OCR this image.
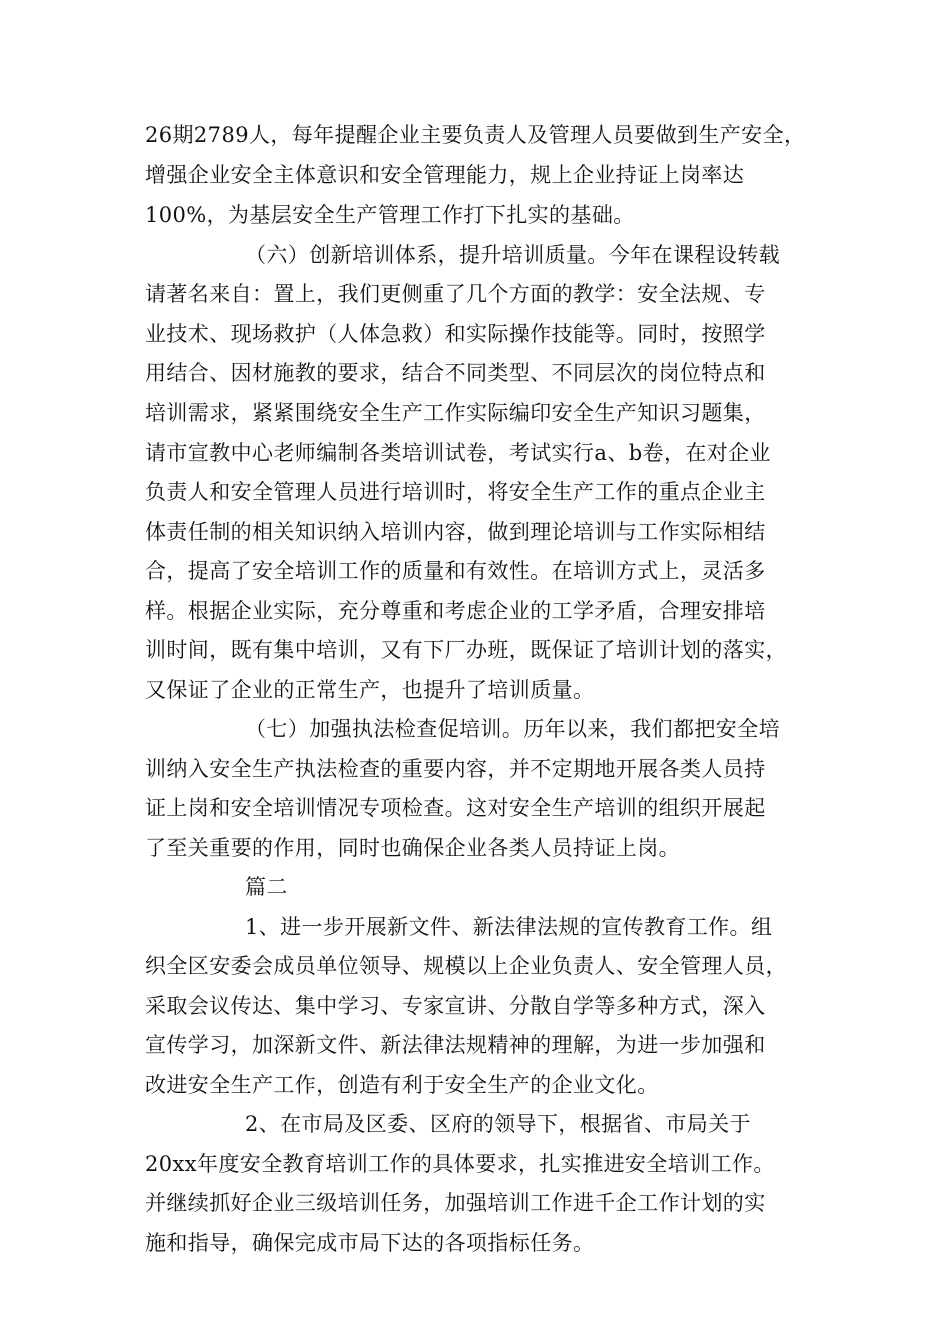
26期2789人，每年提醒企业主要负责人及管理人员要做到生产安全，
增强企业安全主体意识和安全管理能力，规上企业持证上岗率达
100%，为基层安全生产管理工作打下扎实的基础。
（六）创新培训体系，提升培训质量。今年在课程设转载
请著名来自：置上，我们更侧重了几个方面的教学：安全法规、专
业技术、现场救护（人体急救）和实际操作技能等。同时，按照学
用结合、因材施教的要求，结合不同类型、不同层次的岗位特点和
培训需求，紧紧围绕安全生产工作实际编印安全生产知识习题集，
请市宣教中心老师编制各类培训试卷，考试实行a、b卷，在对企业
负责人和安全管理人员进行培训时，将安全生产工作的重点企业主
体责任制的相关知识纳入培训内容，做到理论培训与工作实际相结
合，提高了安全培训工作的质量和有效性。在培训方式上，灵活多
样。根据企业实际，充分尊重和考虑企业的工学矛盾，合理安排培
训时间，既有集中培训，又有下厂办班，既保证了培训计划的落实，
又保证了企业的正常生产，也提升了培训质量。
（七）加强执法检查促培训。历年以来，我们都把安全培
训纳入安全生产执法检查的重要内容，并不定期地开展各类人员持
证上岗和安全培训情况专项检查。这对安全生产培训的组织开展起
了至关重要的作用，同时也确保企业各类人员持证上岗。
篇二
1、进一步开展新文件、新法律法规的宣传教育工作。组
织全区安委会成员单位领导、规模以上企业负责人、安全管理人员，
采取会议传达、集中学习、专家宣讲、分散自学等多种方式，深入
宣传学习，加深新文件、新法律法规精神的理解，为进一步加强和
改进安全生产工作，创造有利于安全生产的企业文化。
2、在市局及区委、区府的领导下，根据省、市局关于
20xx年度安全教育培训工作的具体要求，扎实推进安全培训工作。
并继续抓好企业三级培训任务，加强培训工作进千企工作计划的实
施和指导，确保完成市局下达的各项指标任务。
